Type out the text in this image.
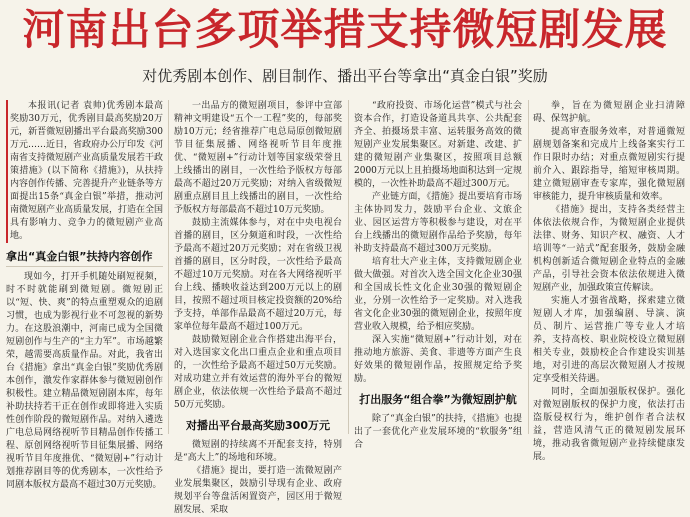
河南出台多项举措支持微短剧发展
对优秀剧本创作、剧目制作、播出平台等拿出“真金白银”奖励

本报讯(记者 袁帅)优秀剧本最高奖励30万元，优秀剧目最高奖励20万元，新晋微短剧播出平台最高奖励300万元……近日，省政府办公厅印发《河南省支持微短剧产业高质量发展若干政策措施》(以下简称《措施》)，从扶持内容创作传播、完善提升产业链条等方面提出15条“真金白银”举措，推动河南微短剧产业高质量发展，打造在全国具有影响力、竞争力的微短剧产业高地。

拿出“真金白银”扶持内容创作

现如今，打开手机随处刷短视频，时不时就能刷到微短剧。微短剧正以“短、快、爽”的特点重塑观众的追剧习惯，也成为影视行业不可忽视的新势力。在这股浪潮中，河南已成为全国微短剧创作与生产的“主力军”。市场越繁荣，越需要高质量作品。对此，我省出台《措施》拿出“真金白银”奖励优秀剧本创作，激发作家群体参与微短剧创作积极性。建立精品微短剧剧本库，每年补助扶持若干正在创作或即将进入实质性创作阶段的微短剧作品。对纳入遴选广电总局网络视听节目精品创作传播工程、原创网络视听节目征集展播、网络视听节目年度推优、“微短剧+”行动计划推荐剧目等的优秀剧本，一次性给予同剧本版权方最高不超过30万元奖励。

一出品方的微短剧项目，参评中宣部精神文明建设“五个一工程”奖的，每部奖励10万元；经省推荐广电总局原创微短剧节目征集展播、网络视听节目年度推优、“微短剧+”行动计划等国家级荣誉且上线播出的剧目，一次性给予版权方每部最高不超过20万元奖励；对纳入省级微短剧重点剧目且上线播出的剧目，一次性给予版权方每部最高不超过10万元奖励。

鼓励主流媒体参与，对在中央电视台首播的剧目，区分频道和时段，一次性给予最高不超过20万元奖励；对在省级卫视首播的剧目，区分时段，一次性给予最高不超过10万元奖励。对在各大网络视听平台上线、播映收益达到200万元以上的剧目，按照不超过项目核定投资额的20%给予支持，单部作品最高不超过20万元，每家单位每年最高不超过100万元。

鼓励微短剧企业合作搭建出海平台，对入选国家文化出口重点企业和重点项目的，一次性给予最高不超过50万元奖励。对成功建立并有效运营的海外平台的微短剧企业，依法依规一次性给予最高不超过50万元奖励。

对播出平台最高奖励300万元

微短剧的持续离不开配套支持，特别是“高大上”的场地和环境。

《措施》提出，要打造一流微短剧产业发展集聚区，鼓励引导现有企业、政府规划平台等盘活闲置资产，园区用于微短剧发展、采取

“政府投资、市场化运营”模式与社会资本合作，打造设备道具共享、公共配套齐全、拍摄场景丰富、运转服务高效的微短剧产业发展集聚区。对新建、改建、扩建的微短剧产业集聚区，按照项目总额2000万元以上且拍摄场地面积达到一定规模的，一次性补助最高不超过300万元。

产业链方面，《措施》提出要培育市场主体协同发力，鼓励平台企业、文旅企业、园区运营方等积极参与建设，对在平台上线播出的微短剧作品给予奖励，每年补助支持最高不超过300万元奖励。

培育壮大产业主体，支持微短剧企业做大做强。对首次入选全国文化企业30强和全国成长性文化企业30强的微短剧企业，分别一次性给予一定奖励。对入选我省文化企业30强的微短剧企业，按照年度营业收入规模，给予相应奖励。

深入实施“微短剧+”行动计划，对在推动地方旅游、美食、非遗等方面产生良好效果的微短剧作品，按照规定给予奖励。

打出服务“组合拳”为微短剧护航

除了“真金白银”的扶持，《措施》也提出了一套优化产业发展环境的“软服务”组合

拳，旨在为微短剧企业扫清障碍、保驾护航。

提高审查服务效率，对普通微短剧规划备案和完成片上线备案实行工作日限时办结；对重点微短剧实行提前介入、跟踪指导，缩短审核周期。建立微短剧审查专家库，强化微短剧审核能力，提升审核质量和效率。

《措施》提出，支持各类经营主体依法依规合作，为微短剧企业提供法律、财务、知识产权、融资、人才培训等“一站式”配套服务，鼓励金融机构创新适合微短剧企业特点的金融产品，引导社会资本依法依规进入微短剧产业，加强政策宣传解读。

实施人才强省战略，探索建立微短剧人才库，加强编剧、导演、演员、制片、运营推广等专业人才培养，支持高校、职业院校设立微短剧相关专业，鼓励校企合作建设实训基地，对引进的高层次微短剧人才按规定享受相关待遇。

同时，全面加强版权保护。强化对微短剧版权的保护力度，依法打击盗版侵权行为，维护创作者合法权益，营造风清气正的微短剧发展环境，推动我省微短剧产业持续健康发展。
